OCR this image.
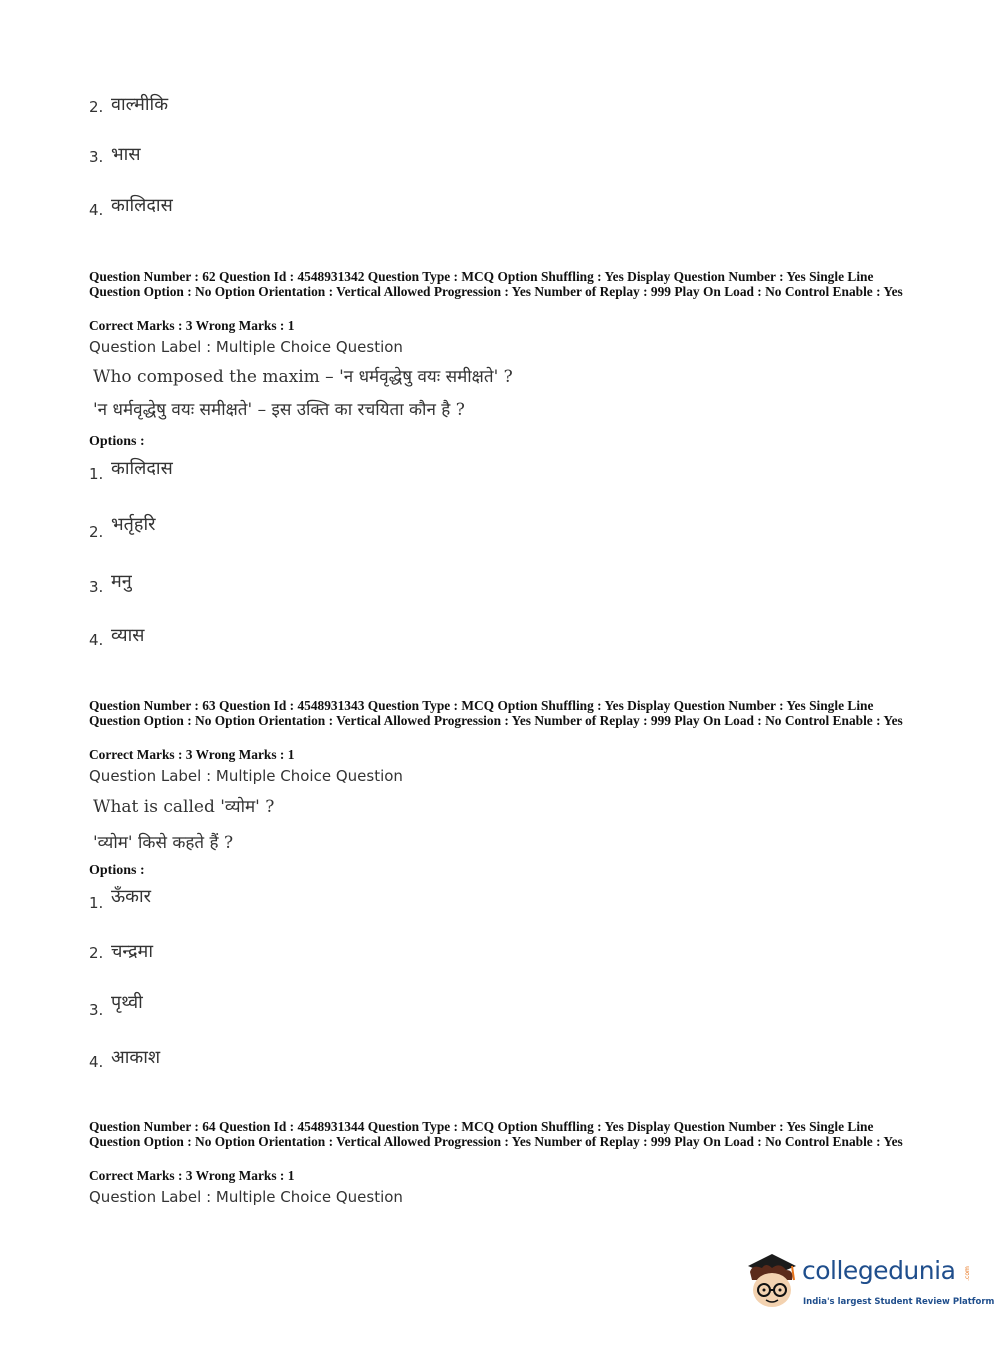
2. वाल्मीकि
3. भास
4. कालिदास
Question Number : 62 Question Id : 4548931342 Question Type : MCQ Option Shuffling : Yes Display Question Number : Yes Single Line Question Option : No Option Orientation : Vertical Allowed Progression : Yes Number of Replay : 999 Play On Load : No Control Enable : Yes
Correct Marks : 3 Wrong Marks : 1
Question Label : Multiple Choice Question
Who composed the maxim – 'न धर्मवृद्धेषु वयः समीक्षते' ?
'न धर्मवृद्धेषु वयः समीक्षते' – इस उक्ति का रचयिता कौन है ?
Options :
1. कालिदास
2. भर्तृहरि
3. मनु
4. व्यास
Question Number : 63 Question Id : 4548931343 Question Type : MCQ Option Shuffling : Yes Display Question Number : Yes Single Line Question Option : No Option Orientation : Vertical Allowed Progression : Yes Number of Replay : 999 Play On Load : No Control Enable : Yes
Correct Marks : 3 Wrong Marks : 1
Question Label : Multiple Choice Question
What is called 'व्योम' ?
'व्योम' किसे कहते हैं ?
Options :
1. ऊँकार
2. चन्द्रमा
3. पृथ्वी
4. आकाश
Question Number : 64 Question Id : 4548931344 Question Type : MCQ Option Shuffling : Yes Display Question Number : Yes Single Line Question Option : No Option Orientation : Vertical Allowed Progression : Yes Number of Replay : 999 Play On Load : No Control Enable : Yes
Correct Marks : 3 Wrong Marks : 1
Question Label : Multiple Choice Question
collegedunia .com
India's largest Student Review Platform
